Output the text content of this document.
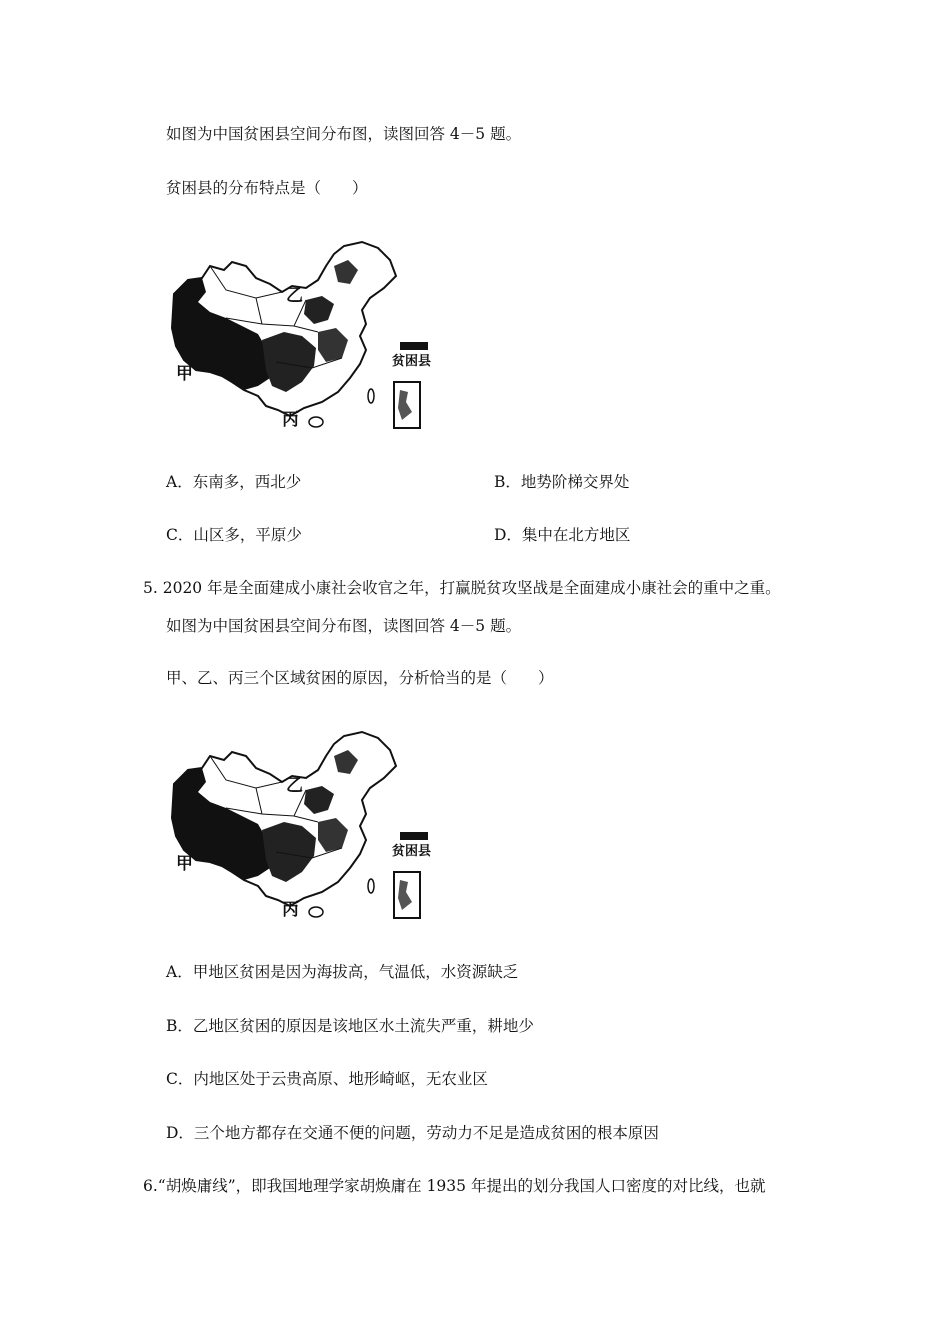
如图为中国贫困县空间分布图，读图回答 4－5 题。
贫困县的分布特点是（　　）
贫困县
甲
乙
丙
A．东南多，西北少	B．地势阶梯交界处
C．山区多，平原少	D．集中在北方地区
5. 2020 年是全面建成小康社会收官之年，打赢脱贫攻坚战是全面建成小康社会的重中之重。
如图为中国贫困县空间分布图，读图回答 4－5 题。
甲、乙、丙三个区域贫困的原因，分析恰当的是（　　）
贫困县
甲
乙
丙
A．甲地区贫困是因为海拔高，气温低，水资源缺乏
B．乙地区贫困的原因是该地区水土流失严重，耕地少
C．内地区处于云贵高原、地形崎岖，无农业区
D．三个地方都存在交通不便的问题，劳动力不足是造成贫困的根本原因
6.“胡焕庸线”，即我国地理学家胡焕庸在 1935 年提出的划分我国人口密度的对比线，也就
